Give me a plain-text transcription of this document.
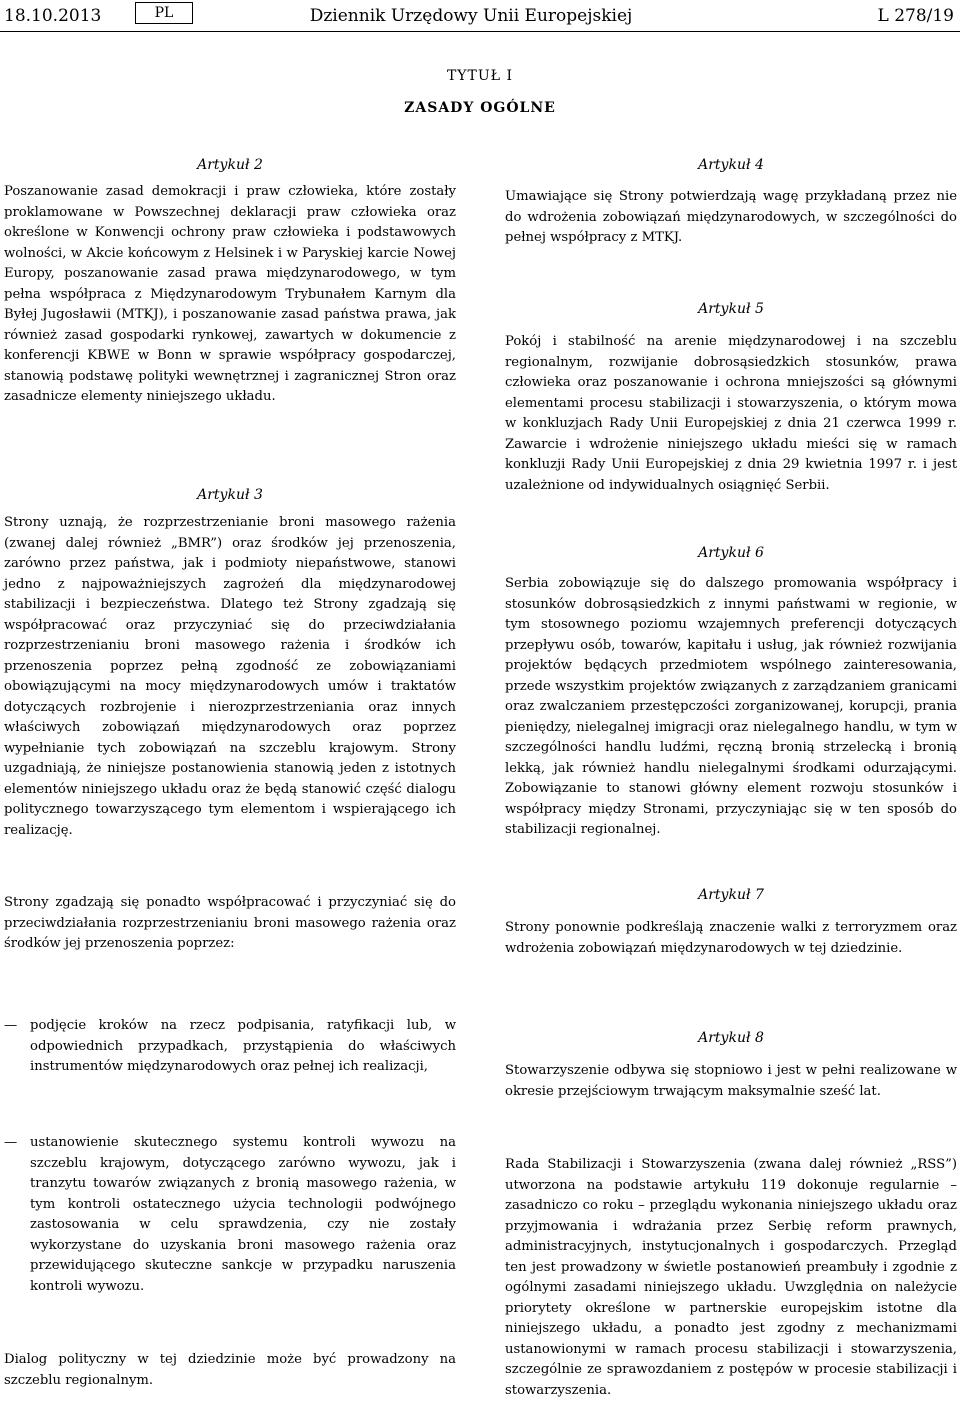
18.10.2013	PL	Dziennik Urzędowy Unii Europejskiej	L 278/19
TYTUŁ I
ZASADY OGÓLNE
Artykuł 2
Poszanowanie zasad demokracji i praw człowieka, które zostały proklamowane w Powszechnej deklaracji praw człowieka oraz określone w Konwencji ochrony praw człowieka i podstawowych wolności, w Akcie końcowym z Helsinek i w Paryskiej karcie Nowej Europy, poszanowanie zasad prawa międzynarodowego, w tym pełna współpraca z Międzynarodowym Trybunałem Karnym dla Byłej Jugosławii (MTKJ), i poszanowanie zasad państwa prawa, jak również zasad gospodarki rynkowej, zawartych w dokumencie z konferencji KBWE w Bonn w sprawie współpracy gospodarczej, stanowią podstawę polityki wewnętrznej i zagranicznej Stron oraz zasadnicze elementy niniejszego układu.
Artykuł 3
Strony uznają, że rozprzestrzenianie broni masowego rażenia (zwanej dalej również „BMR”) oraz środków jej przenoszenia, zarówno przez państwa, jak i podmioty niepaństwowe, stanowi jedno z najpoważniejszych zagrożeń dla międzynarodowej stabilizacji i bezpieczeństwa. Dlatego też Strony zgadzają się współpracować oraz przyczyniać się do przeciwdziałania rozprzestrzenianiu broni masowego rażenia i środków ich przenoszenia poprzez pełną zgodność ze zobowiązaniami obowiązującymi na mocy międzynarodowych umów i traktatów dotyczących rozbrojenie i nierozprzestrzeniania oraz innych właściwych zobowiązań międzynarodowych oraz poprzez wypełnianie tych zobowiązań na szczeblu krajowym. Strony uzgadniają, że niniejsze postanowienia stanowią jeden z istotnych elementów niniejszego układu oraz że będą stanowić część dialogu politycznego towarzyszącego tym elementom i wspierającego ich realizację.
Strony zgadzają się ponadto współpracować i przyczyniać się do przeciwdziałania rozprzestrzenianiu broni masowego rażenia oraz środków jej przenoszenia poprzez:
— podjęcie kroków na rzecz podpisania, ratyfikacji lub, w odpowiednich przypadkach, przystąpienia do właściwych instrumentów międzynarodowych oraz pełnej ich realizacji,
— ustanowienie skutecznego systemu kontroli wywozu na szczeblu krajowym, dotyczącego zarówno wywozu, jak i tranzytu towarów związanych z bronią masowego rażenia, w tym kontroli ostatecznego użycia technologii podwójnego zastosowania w celu sprawdzenia, czy nie zostały wykorzystane do uzyskania broni masowego rażenia oraz przewidującego skuteczne sankcje w przypadku naruszenia kontroli wywozu.
Dialog polityczny w tej dziedzinie może być prowadzony na szczeblu regionalnym.
Artykuł 4
Umawiające się Strony potwierdzają wagę przykładaną przez nie do wdrożenia zobowiązań międzynarodowych, w szczególności do pełnej współpracy z MTKJ.
Artykuł 5
Pokój i stabilność na arenie międzynarodowej i na szczeblu regionalnym, rozwijanie dobrosąsiedzkich stosunków, prawa człowieka oraz poszanowanie i ochrona mniejszości są głównymi elementami procesu stabilizacji i stowarzyszenia, o którym mowa w konkluzjach Rady Unii Europejskiej z dnia 21 czerwca 1999 r. Zawarcie i wdrożenie niniejszego układu mieści się w ramach konkluzji Rady Unii Europejskiej z dnia 29 kwietnia 1997 r. i jest uzależnione od indywidualnych osiągnięć Serbii.
Artykuł 6
Serbia zobowiązuje się do dalszego promowania współpracy i stosunków dobrosąsiedzkich z innymi państwami w regionie, w tym stosownego poziomu wzajemnych preferencji dotyczących przepływu osób, towarów, kapitału i usług, jak również rozwijania projektów będących przedmiotem wspólnego zainteresowania, przede wszystkim projektów związanych z zarządzaniem granicami oraz zwalczaniem przestępczości zorganizowanej, korupcji, prania pieniędzy, nielegalnej imigracji oraz nielegalnego handlu, w tym w szczególności handlu ludźmi, ręczną bronią strzelecką i bronią lekką, jak również handlu nielegalnymi środkami odurzającymi. Zobowiązanie to stanowi główny element rozwoju stosunków i współpracy między Stronami, przyczyniając się w ten sposób do stabilizacji regionalnej.
Artykuł 7
Strony ponownie podkreślają znaczenie walki z terroryzmem oraz wdrożenia zobowiązań międzynarodowych w tej dziedzinie.
Artykuł 8
Stowarzyszenie odbywa się stopniowo i jest w pełni realizowane w okresie przejściowym trwającym maksymalnie sześć lat.
Rada Stabilizacji i Stowarzyszenia (zwana dalej również „RSS”) utworzona na podstawie artykułu 119 dokonuje regularnie – zasadniczo co roku – przeglądu wykonania niniejszego układu oraz przyjmowania i wdrażania przez Serbię reform prawnych, administracyjnych, instytucjonalnych i gospodarczych. Przegląd ten jest prowadzony w świetle postanowień preambuły i zgodnie z ogólnymi zasadami niniejszego układu. Uwzględnia on należycie priorytety określone w partnerskie europejskim istotne dla niniejszego układu, a ponadto jest zgodny z mechanizmami ustanowionymi w ramach procesu stabilizacji i stowarzyszenia, szczególnie ze sprawozdaniem z postępów w procesie stabilizacji i stowarzyszenia.
